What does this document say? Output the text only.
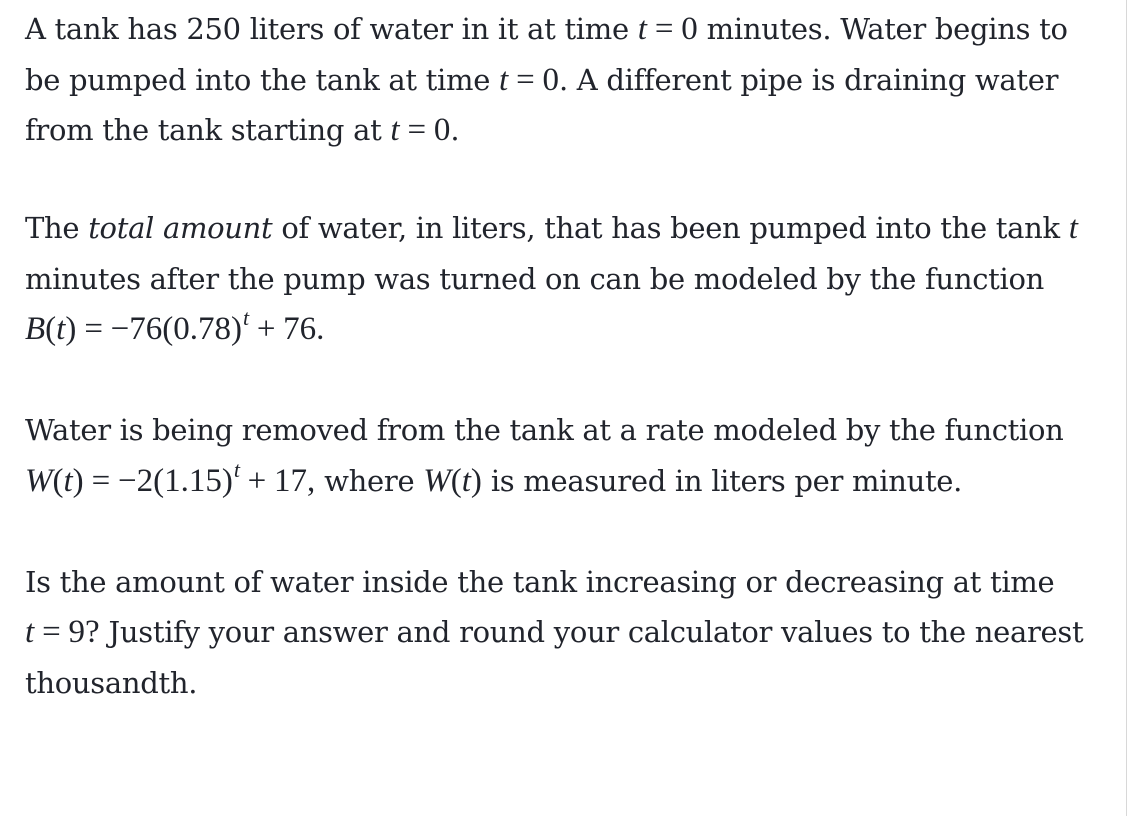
A tank has 250 liters of water in it at time t = 0 minutes. Water begins to be pumped into the tank at time t = 0. A different pipe is draining water from the tank starting at t = 0.

The total amount of water, in liters, that has been pumped into the tank t minutes after the pump was turned on can be modeled by the function $B(t) = -76(0.78)^t + 76$.

Water is being removed from the tank at a rate modeled by the function $W(t) = -2(1.15)^t + 17$, where W(t) is measured in liters per minute.

Is the amount of water inside the tank increasing or decreasing at time t = 9? Justify your answer and round your calculator values to the nearest thousandth.
